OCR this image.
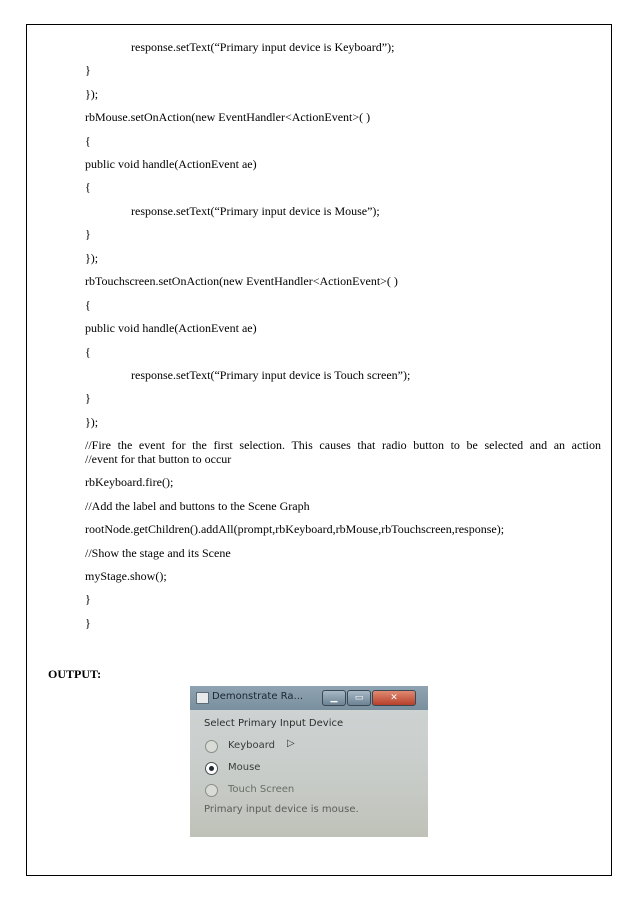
response.setText(“Primary input device is Keyboard”);
}
});
rbMouse.setOnAction(new EventHandler<ActionEvent>( )
{
public void handle(ActionEvent ae)
{
response.setText(“Primary input device is Mouse”);
}
});
rbTouchscreen.setOnAction(new EventHandler<ActionEvent>( )
{
public void handle(ActionEvent ae)
{
response.setText(“Primary input device is Touch screen”);
}
});
//Fire the event for the first selection. This causes that radio button to be selected and an action
//event for that button to occur
rbKeyboard.fire();
//Add the label and buttons to the Scene Graph
rootNode.getChildren().addAll(prompt,rbKeyboard,rbMouse,rbTouchscreen,response);
//Show the stage and its Scene
myStage.show();
}
}
OUTPUT:
Demonstrate Ra...	▁	▭	✕
Select Primary Input Device
Keyboard ▷
Mouse
Touch Screen
Primary input device is mouse.
